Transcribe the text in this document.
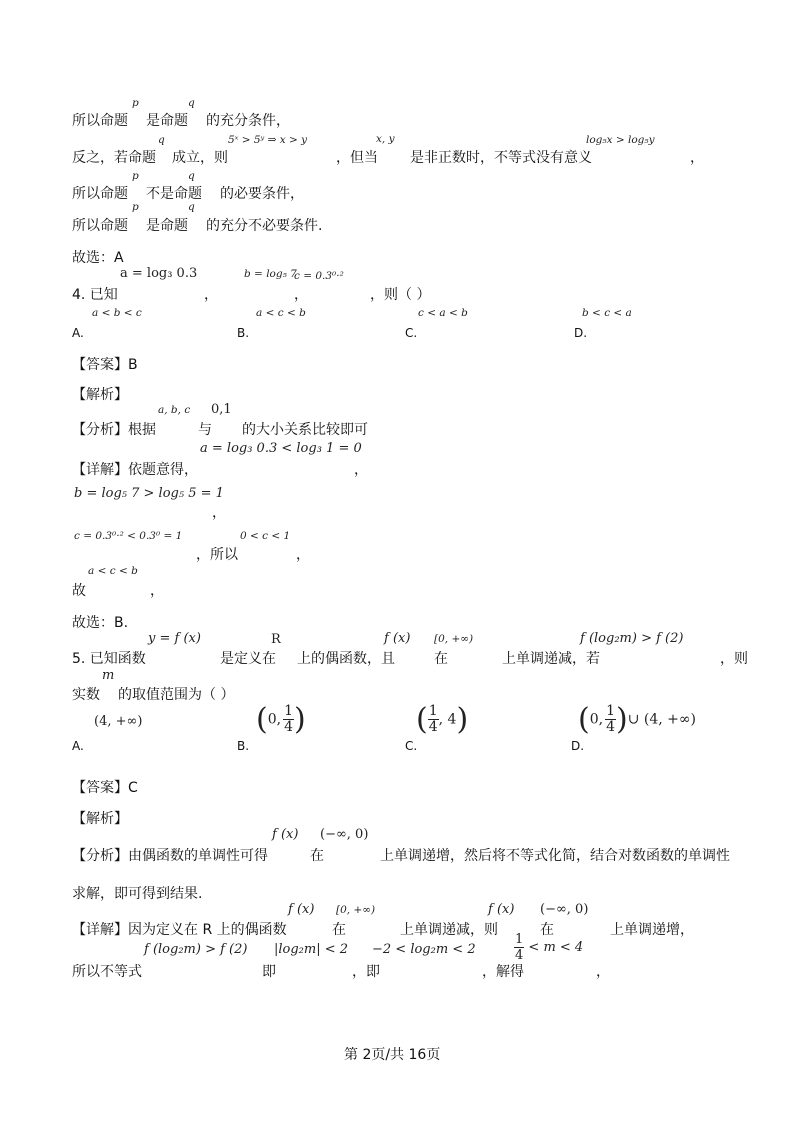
p	q
所以命题 是命题 的充分条件，
q	5ˣ > 5ʸ ⇒ x > y	x, y	log₅x > log₅y
反之，若命题 成立，则	，但当 是非正数时，不等式没有意义	，
p	q
所以命题 不是命题 的必要条件，
p	q
所以命题 是命题 的充分不必要条件.
故选：A
a = log₃ 0.3	b = log₅ 7
c = 0.3⁰·²
4. 已知	，	，	，则（ ）
a < b < c	a < c < b	c < a < b	b < c < a
A.	B.	C.	D.
【答案】B
【解析】
a, b, c 0,1
【分析】根据	与 的大小关系比较即可
a = log₃ 0.3 < log₃ 1 = 0
【详解】依题意得，	，
b = log₅ 7 > log₅ 5 = 1
，
c = 0.3⁰·² < 0.3⁰ = 1	0 < c < 1
，所以	，
a < c < b
故	，
故选：B.
y = f (x)	R	f (x) [0, +∞)	f (log₂m) > f (2)
5. 已知函数	是定义在 上的偶函数，且	在	上单调递减，若	，则
m
实数 的取值范围为（ ）
(4, +∞)	(0, $\frac{1}{4}$ )	( $\frac{1}{4}$ , 4)	(0, $\frac{1}{4}$ )∪ (4, +∞)
A.	B.	C.	D.
【答案】C
【解析】
f (x) (−∞, 0)
【分析】由偶函数的单调性可得	在	上单调递增，然后将不等式化简，结合对数函数的单调性
求解，即可得到结果.
f (x) [0, +∞)	f (x) (−∞, 0)
【详解】因为定义在 R 上的偶函数	在	上单调递减，则	在	上单调递增，
f (log₂m) > f (2) |log₂m| < 2 −2 < log₂m < 2	$\frac{1}{4} < m < 4$
所以不等式	即	，即	，解得	，
第 2页/共 16页
